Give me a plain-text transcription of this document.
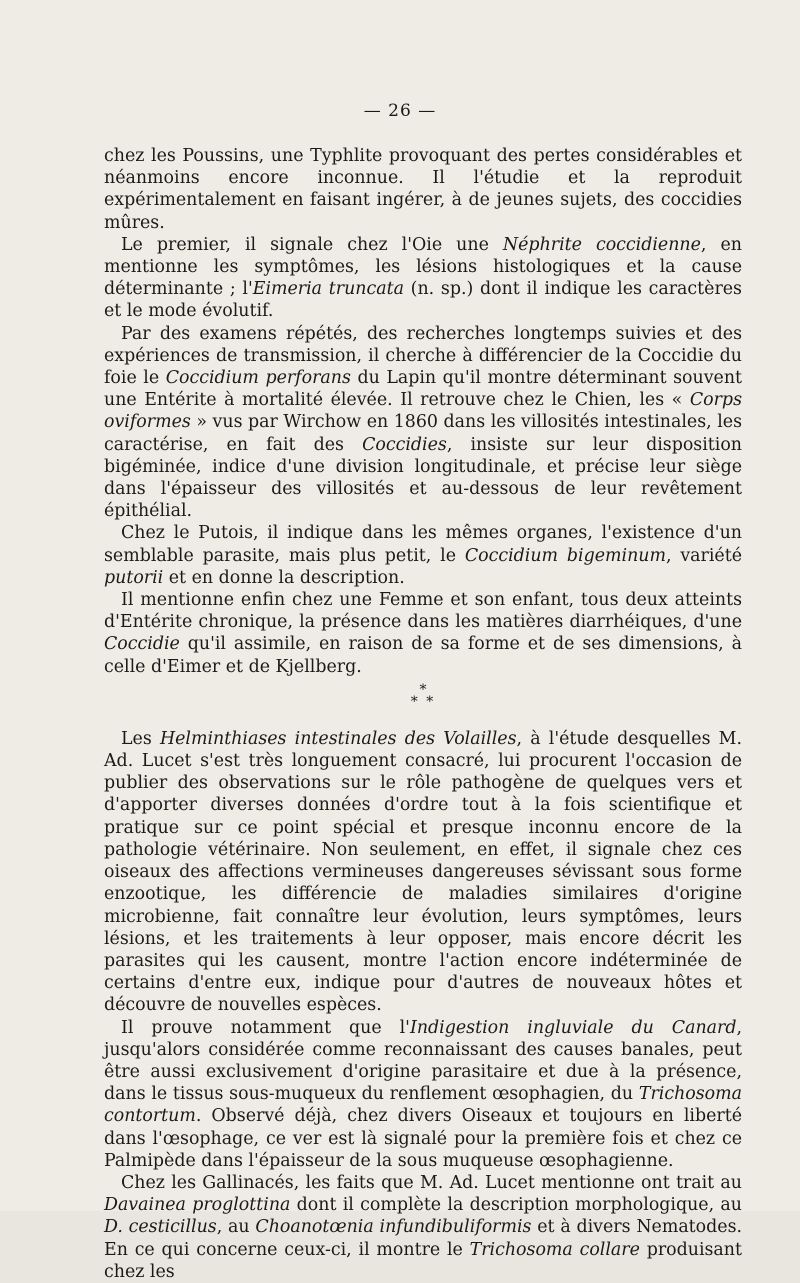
— 26 —

chez les Poussins, une Typhlite provoquant des pertes considérables et néanmoins encore inconnue. Il l'étudie et la reproduit expérimentalement en faisant ingérer, à de jeunes sujets, des coccidies mûres.

Le premier, il signale chez l'Oie une Néphrite coccidienne, en mentionne les symptômes, les lésions histologiques et la cause déterminante ; l'Eimeria truncata (n. sp.) dont il indique les caractères et le mode évolutif.

Par des examens répétés, des recherches longtemps suivies et des expériences de transmission, il cherche à différencier de la Coccidie du foie le Coccidium perforans du Lapin qu'il montre déterminant souvent une Entérite à mortalité élevée. Il retrouve chez le Chien, les « Corps oviformes » vus par Wirchow en 1860 dans les villosités intestinales, les caractérise, en fait des Coccidies, insiste sur leur disposition bigéminée, indice d'une division longitudinale, et précise leur siège dans l'épaisseur des villosités et au-dessous de leur revêtement épithélial.

Chez le Putois, il indique dans les mêmes organes, l'existence d'un semblable parasite, mais plus petit, le Coccidium bigeminum, variété putorii et en donne la description.

Il mentionne enfin chez une Femme et son enfant, tous deux atteints d'Entérite chronique, la présence dans les matières diarrhéiques, d'une Coccidie qu'il assimile, en raison de sa forme et de ses dimensions, à celle d'Eimer et de Kjellberg.

*
* *

Les Helminthiases intestinales des Volailles, à l'étude desquelles M. Ad. Lucet s'est très longuement consacré, lui procurent l'occasion de publier des observations sur le rôle pathogène de quelques vers et d'apporter diverses données d'ordre tout à la fois scientifique et pratique sur ce point spécial et presque inconnu encore de la pathologie vétérinaire. Non seulement, en effet, il signale chez ces oiseaux des affections vermineuses dangereuses sévissant sous forme enzootique, les différencie de maladies similaires d'origine microbienne, fait connaître leur évolution, leurs symptômes, leurs lésions, et les traitements à leur opposer, mais encore décrit les parasites qui les causent, montre l'action encore indéterminée de certains d'entre eux, indique pour d'autres de nouveaux hôtes et découvre de nouvelles espèces.

Il prouve notamment que l'Indigestion ingluviale du Canard, jusqu'alors considérée comme reconnaissant des causes banales, peut être aussi exclusivement d'origine parasitaire et due à la présence, dans le tissus sous-muqueux du renflement œsophagien, du Trichosoma contortum. Observé déjà, chez divers Oiseaux et toujours en liberté dans l'œsophage, ce ver est là signalé pour la première fois et chez ce Palmipède dans l'épaisseur de la sous muqueuse œsophagienne.

Chez les Gallinacés, les faits que M. Ad. Lucet mentionne ont trait au Davainea proglottina dont il complète la description morphologique, au D. cesticillus, au Choanotœnia infundibuliformis et à divers Nematodes. En ce qui concerne ceux-ci, il montre le Trichosoma collare produisant chez les
